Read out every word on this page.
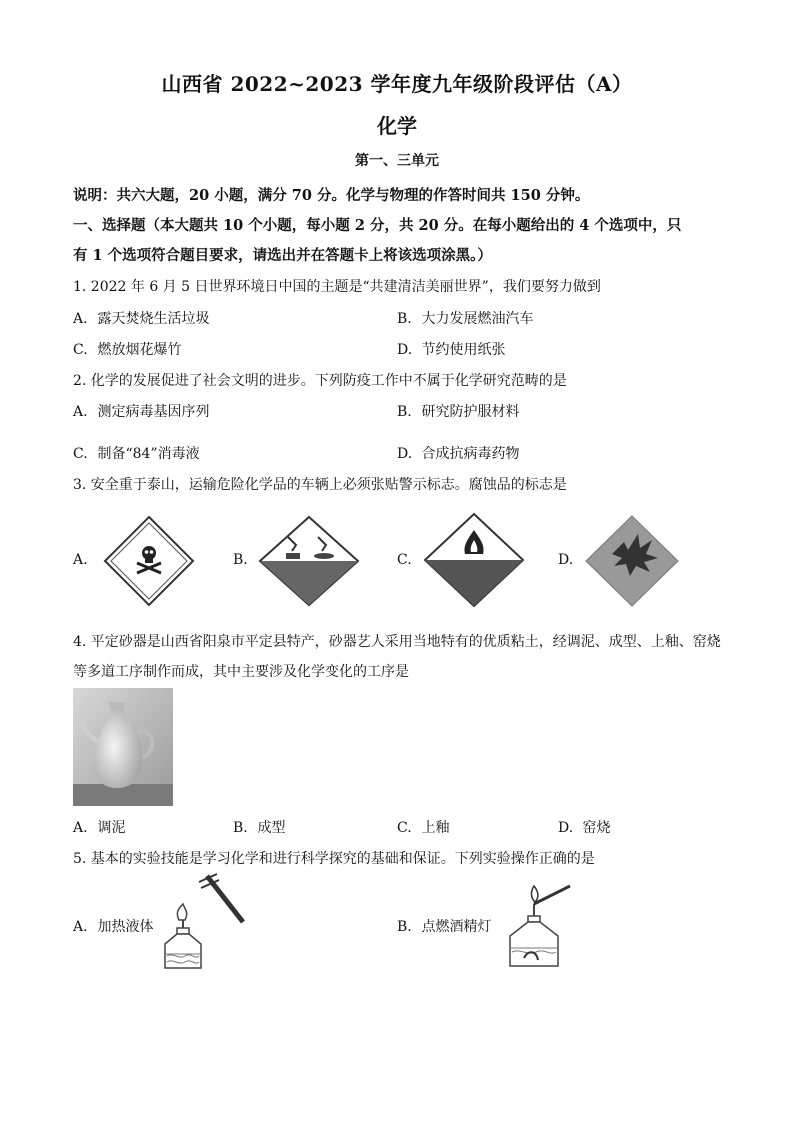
山西省 2022~2023 学年度九年级阶段评估（A）
化学
第一、三单元
说明：共六大题，20 小题，满分 70 分。化学与物理的作答时间共 150 分钟。
一、选择题（本大题共 10 个小题，每小题 2 分，共 20 分。在每小题给出的 4 个选项中，只
有 1 个选项符合题目要求，请选出并在答题卡上将该选项涂黑。）
1. 2022 年 6 月 5 日世界环境日中国的主题是“共建清洁美丽世界”，我们要努力做到
A. 露天焚烧生活垃圾	B. 大力发展燃油汽车
C. 燃放烟花爆竹	D. 节约使用纸张
2. 化学的发展促进了社会文明的进步。下列防疫工作中不属于化学研究范畴的是
A. 测定病毒基因序列	B. 研究防护服材料
C. 制备“84”消毒液	D. 合成抗病毒药物
3. 安全重于泰山，运输危险化学品的车辆上必须张贴警示标志。腐蚀品的标志是
A.	B.	C.	D.
4. 平定砂器是山西省阳泉市平定县特产，砂器艺人采用当地特有的优质粘土，经调泥、成型、上釉、窑烧
等多道工序制作而成，其中主要涉及化学变化的工序是
A. 调泥	B. 成型	C. 上釉	D. 窑烧
5. 基本的实验技能是学习化学和进行科学探究的基础和保证。下列实验操作正确的是
A. 加热液体	B. 点燃酒精灯
